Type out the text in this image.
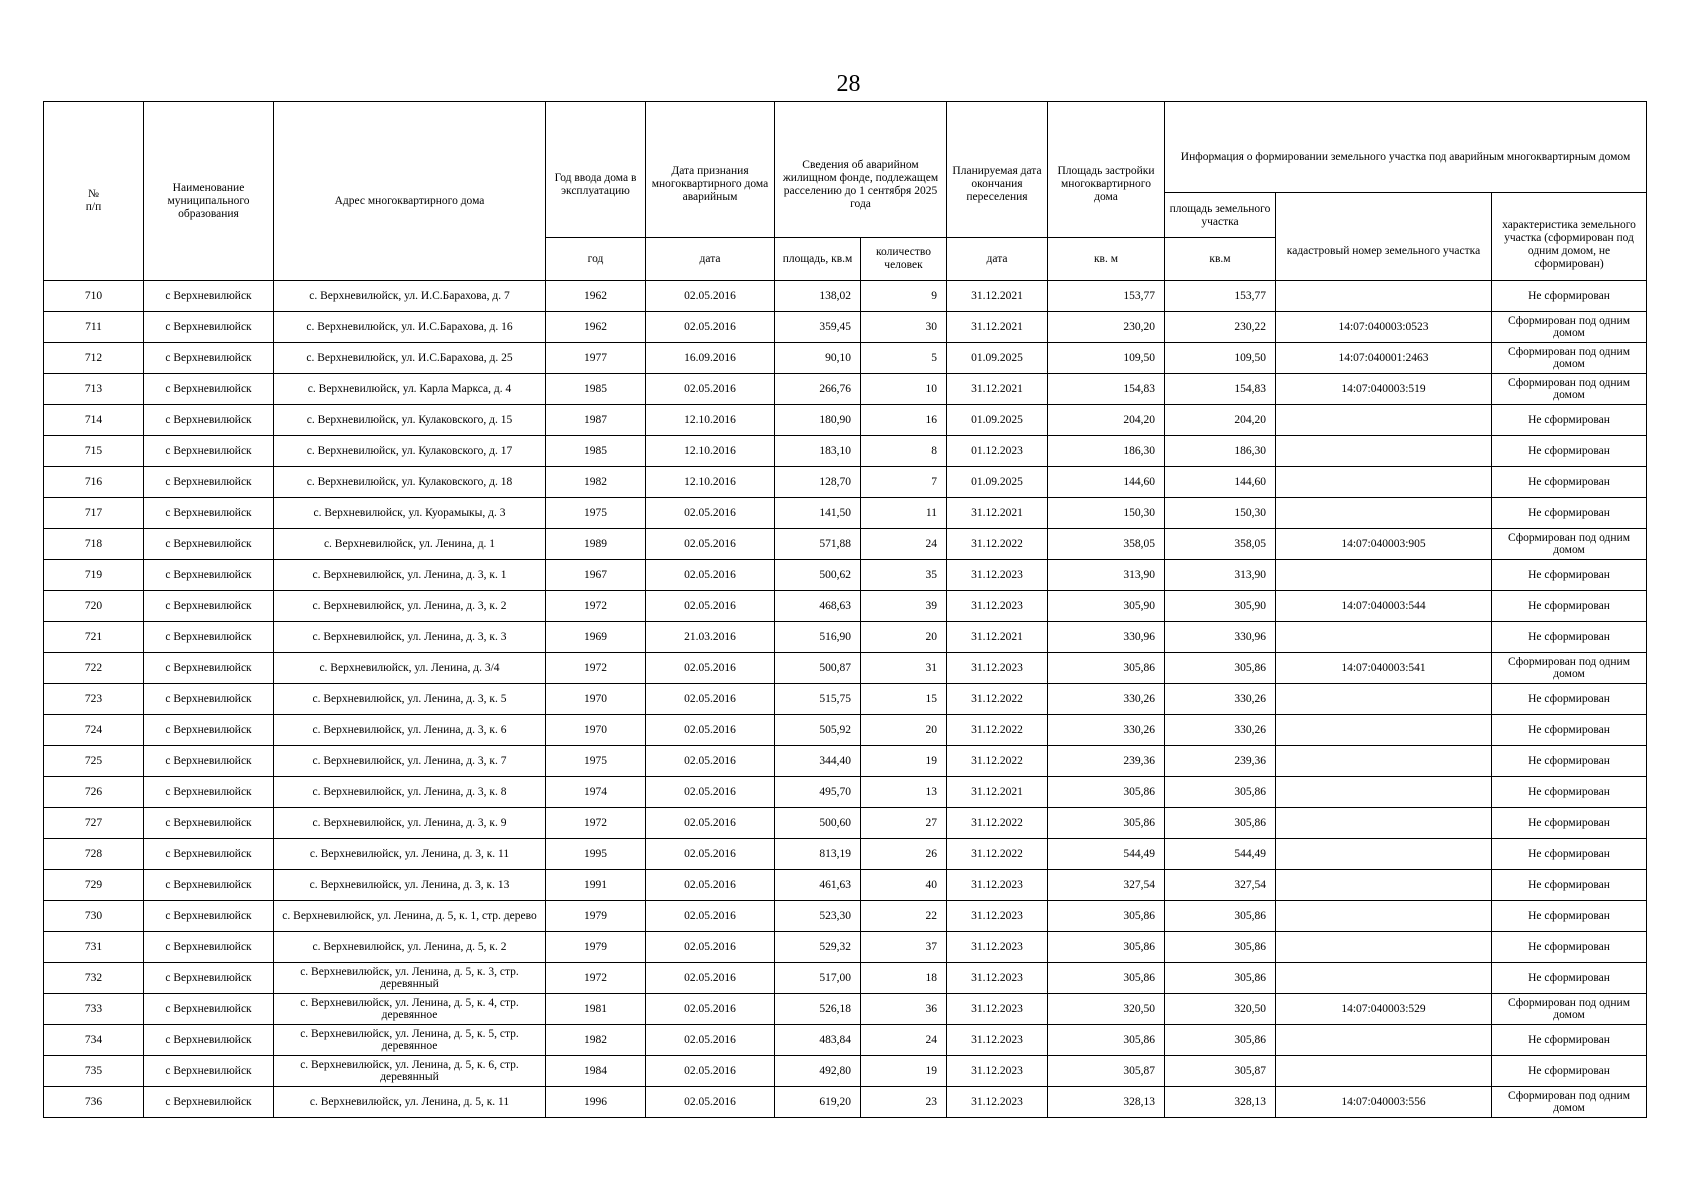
28
№
п/п	Наименование муниципального образования	Адрес многоквартирного дома	Год ввода дома в эксплуатацию	Дата признания многоквартирного дома аварийным	Сведения об аварийном жилищном фонде, подлежащем расселению до 1 сентября 2025 года		Планируемая дата окончания переселения	Площадь застройки многоквартирного дома	Информация о формировании земельного участка под аварийным многоквартирным домом		
									площадь земельного участка	кадастровый номер земельного участка	характеристика земельного участка (сформирован под одним домом, не сформирован)
			год	дата	площадь, кв.м	количество человек	дата	кв. м	кв.м		
710	с Верхневилюйск	с. Верхневилюйск, ул. И.С.Барахова, д. 7	1962	02.05.2016	138,02	9	31.12.2021	153,77	153,77		Не сформирован
711	с Верхневилюйск	с. Верхневилюйск, ул. И.С.Барахова, д. 16	1962	02.05.2016	359,45	30	31.12.2021	230,20	230,22	14:07:040003:0523	Сформирован под одним домом
712	с Верхневилюйск	с. Верхневилюйск, ул. И.С.Барахова, д. 25	1977	16.09.2016	90,10	5	01.09.2025	109,50	109,50	14:07:040001:2463	Сформирован под одним домом
713	с Верхневилюйск	с. Верхневилюйск, ул. Карла Маркса, д. 4	1985	02.05.2016	266,76	10	31.12.2021	154,83	154,83	14:07:040003:519	Сформирован под одним домом
714	с Верхневилюйск	с. Верхневилюйск, ул. Кулаковского, д. 15	1987	12.10.2016	180,90	16	01.09.2025	204,20	204,20		Не сформирован
715	с Верхневилюйск	с. Верхневилюйск, ул. Кулаковского, д. 17	1985	12.10.2016	183,10	8	01.12.2023	186,30	186,30		Не сформирован
716	с Верхневилюйск	с. Верхневилюйск, ул. Кулаковского, д. 18	1982	12.10.2016	128,70	7	01.09.2025	144,60	144,60		Не сформирован
717	с Верхневилюйск	с. Верхневилюйск, ул. Куорамыкы, д. 3	1975	02.05.2016	141,50	11	31.12.2021	150,30	150,30		Не сформирован
718	с Верхневилюйск	с. Верхневилюйск, ул. Ленина, д. 1	1989	02.05.2016	571,88	24	31.12.2022	358,05	358,05	14:07:040003:905	Сформирован под одним домом
719	с Верхневилюйск	с. Верхневилюйск, ул. Ленина, д. 3, к. 1	1967	02.05.2016	500,62	35	31.12.2023	313,90	313,90		Не сформирован
720	с Верхневилюйск	с. Верхневилюйск, ул. Ленина, д. 3, к. 2	1972	02.05.2016	468,63	39	31.12.2023	305,90	305,90	14:07:040003:544	Не сформирован
721	с Верхневилюйск	с. Верхневилюйск, ул. Ленина, д. 3, к. 3	1969	21.03.2016	516,90	20	31.12.2021	330,96	330,96		Не сформирован
722	с Верхневилюйск	с. Верхневилюйск, ул. Ленина, д. 3/4	1972	02.05.2016	500,87	31	31.12.2023	305,86	305,86	14:07:040003:541	Сформирован под одним домом
723	с Верхневилюйск	с. Верхневилюйск, ул. Ленина, д. 3, к. 5	1970	02.05.2016	515,75	15	31.12.2022	330,26	330,26		Не сформирован
724	с Верхневилюйск	с. Верхневилюйск, ул. Ленина, д. 3, к. 6	1970	02.05.2016	505,92	20	31.12.2022	330,26	330,26		Не сформирован
725	с Верхневилюйск	с. Верхневилюйск, ул. Ленина, д. 3, к. 7	1975	02.05.2016	344,40	19	31.12.2022	239,36	239,36		Не сформирован
726	с Верхневилюйск	с. Верхневилюйск, ул. Ленина, д. 3, к. 8	1974	02.05.2016	495,70	13	31.12.2021	305,86	305,86		Не сформирован
727	с Верхневилюйск	с. Верхневилюйск, ул. Ленина, д. 3, к. 9	1972	02.05.2016	500,60	27	31.12.2022	305,86	305,86		Не сформирован
728	с Верхневилюйск	с. Верхневилюйск, ул. Ленина, д. 3, к. 11	1995	02.05.2016	813,19	26	31.12.2022	544,49	544,49		Не сформирован
729	с Верхневилюйск	с. Верхневилюйск, ул. Ленина, д. 3, к. 13	1991	02.05.2016	461,63	40	31.12.2023	327,54	327,54		Не сформирован
730	с Верхневилюйск	с. Верхневилюйск, ул. Ленина, д. 5, к. 1, стр. дерево	1979	02.05.2016	523,30	22	31.12.2023	305,86	305,86		Не сформирован
731	с Верхневилюйск	с. Верхневилюйск, ул. Ленина, д. 5, к. 2	1979	02.05.2016	529,32	37	31.12.2023	305,86	305,86		Не сформирован
732	с Верхневилюйск	с. Верхневилюйск, ул. Ленина, д. 5, к. 3, стр. деревянный	1972	02.05.2016	517,00	18	31.12.2023	305,86	305,86		Не сформирован
733	с Верхневилюйск	с. Верхневилюйск, ул. Ленина, д. 5, к. 4, стр. деревянное	1981	02.05.2016	526,18	36	31.12.2023	320,50	320,50	14:07:040003:529	Сформирован под одним домом
734	с Верхневилюйск	с. Верхневилюйск, ул. Ленина, д. 5, к. 5, стр. деревянное	1982	02.05.2016	483,84	24	31.12.2023	305,86	305,86		Не сформирован
735	с Верхневилюйск	с. Верхневилюйск, ул. Ленина, д. 5, к. 6, стр. деревянный	1984	02.05.2016	492,80	19	31.12.2023	305,87	305,87		Не сформирован
736	с Верхневилюйск	с. Верхневилюйск, ул. Ленина, д. 5, к. 11	1996	02.05.2016	619,20	23	31.12.2023	328,13	328,13	14:07:040003:556	Сформирован под одним домом
